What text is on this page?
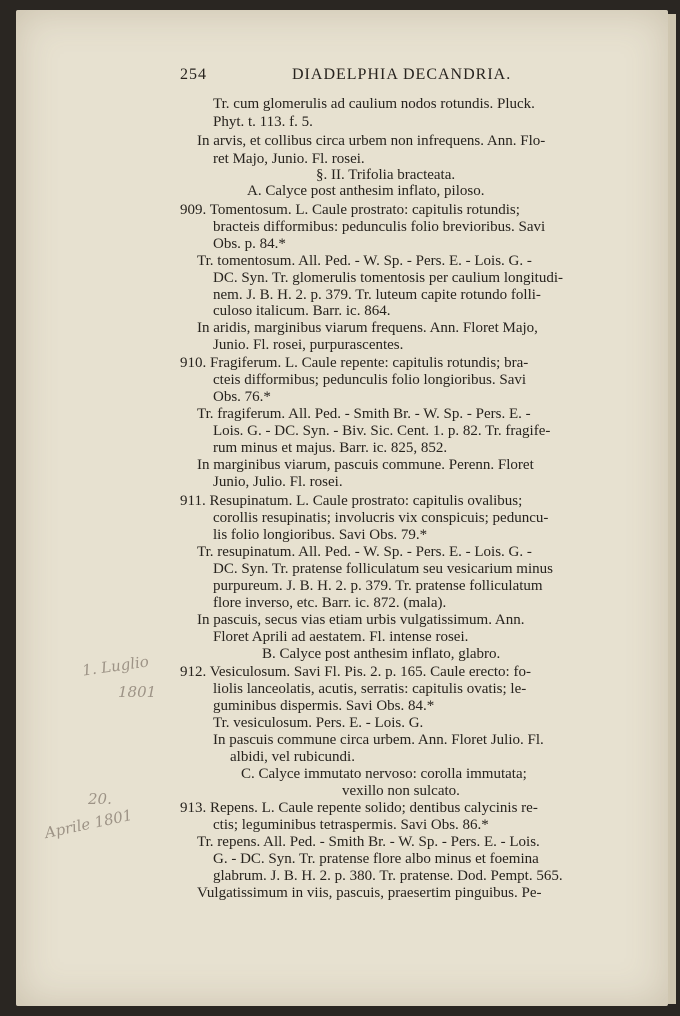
254	DIADELPHIA DECANDRIA.
Tr. cum glomerulis ad caulium nodos rotundis. Pluck.
Phyt. t. 113. f. 5.
In arvis, et collibus circa urbem non infrequens. Ann. Flo-
ret Majo, Junio. Fl. rosei.
§. II. Trifolia bracteata.
A. Calyce post anthesim inflato, piloso.
909. Tomentosum. L. Caule prostrato: capitulis rotundis;
bracteis difformibus: pedunculis folio brevioribus. Savi
Obs. p. 84.*
Tr. tomentosum. All. Ped. - W. Sp. - Pers. E. - Lois. G. -
DC. Syn. Tr. glomerulis tomentosis per caulium longitudi-
nem. J. B. H. 2. p. 379. Tr. luteum capite rotundo folli-
culoso italicum. Barr. ic. 864.
In aridis, marginibus viarum frequens. Ann. Floret Majo,
Junio. Fl. rosei, purpurascentes.
910. Fragiferum. L. Caule repente: capitulis rotundis; bra-
cteis difformibus; pedunculis folio longioribus. Savi
Obs. 76.*
Tr. fragiferum. All. Ped. - Smith Br. - W. Sp. - Pers. E. -
Lois. G. - DC. Syn. - Biv. Sic. Cent. 1. p. 82. Tr. fragife-
rum minus et majus. Barr. ic. 825, 852.
In marginibus viarum, pascuis commune. Perenn. Floret
Junio, Julio. Fl. rosei.
911. Resupinatum. L. Caule prostrato: capitulis ovalibus;
corollis resupinatis; involucris vix conspicuis; peduncu-
lis folio longioribus. Savi Obs. 79.*
Tr. resupinatum. All. Ped. - W. Sp. - Pers. E. - Lois. G. -
DC. Syn. Tr. pratense folliculatum seu vesicarium minus
purpureum. J. B. H. 2. p. 379. Tr. pratense folliculatum
flore inverso, etc. Barr. ic. 872. (mala).
In pascuis, secus vias etiam urbis vulgatissimum. Ann.
Floret Aprili ad aestatem. Fl. intense rosei.
B. Calyce post anthesim inflato, glabro.
912. Vesiculosum. Savi Fl. Pis. 2. p. 165. Caule erecto: fo-
liolis lanceolatis, acutis, serratis: capitulis ovatis; le-
guminibus dispermis. Savi Obs. 84.*
Tr. vesiculosum. Pers. E. - Lois. G.
In pascuis commune circa urbem. Ann. Floret Julio. Fl.
albidi, vel rubicundi.
C. Calyce immutato nervoso: corolla immutata;
vexillo non sulcato.
913. Repens. L. Caule repente solido; dentibus calycinis re-
ctis; leguminibus tetraspermis. Savi Obs. 86.*
Tr. repens. All. Ped. - Smith Br. - W. Sp. - Pers. E. - Lois.
G. - DC. Syn. Tr. pratense flore albo minus et foemina
glabrum. J. B. H. 2. p. 380. Tr. pratense. Dod. Pempt. 565.
Vulgatissimum in viis, pascuis, praesertim pinguibus. Pe-
1. Luglio
1801
20.
Aprile 1801
